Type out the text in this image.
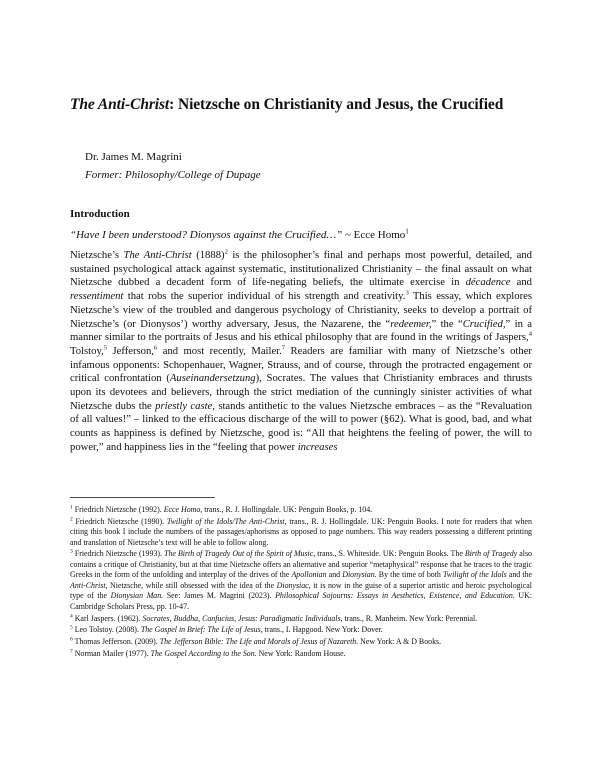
The Anti-Christ: Nietzsche on Christianity and Jesus, the Crucified
Dr. James M. Magrini
Former: Philosophy/College of Dupage
Introduction
“Have I been understood? Dionysos against the Crucified…” ~ Ecce Homo$^1$

Nietzsche’s The Anti-Christ $(1888)^2$ is the philosopher’s final and perhaps most powerful, detailed, and sustained psychological attack against systematic, institutionalized Christianity – the final assault on what Nietzsche dubbed a decadent form of life-negating beliefs, the ultimate exercise in décadence and ressentiment that robs the superior individual of his strength and creativity.$^3$ This essay, which explores Nietzsche’s view of the troubled and dangerous psychology of Christianity, seeks to develop a portrait of Nietzsche’s (or Dionysos’) worthy adversary, Jesus, the Nazarene, the “redeemer,” the “Crucified,” in a manner similar to the portraits of Jesus and his ethical philosophy that are found in the writings of Jaspers,$^4$ Tolstoy,$^5$ Jefferson,$^6$ and most recently, Mailer.$^7$ Readers are familiar with many of Nietzsche’s other infamous opponents: Schopenhauer, Wagner, Strauss, and of course, through the protracted engagement or critical confrontation (Auseinandersetzung), Socrates. The values that Christianity embraces and thrusts upon its devotees and believers, through the strict mediation of the cunningly sinister activities of what Nietzsche dubs the priestly caste, stands antithetic to the values Nietzsche embraces – as the “Revaluation of all values!” – linked to the efficacious discharge of the will to power (§62). What is good, bad, and what counts as happiness is defined by Nietzsche, good is: “All that heightens the feeling of power, the will to power,” and happiness lies in the “feeling that power increases

$^1$ Friedrich Nietzsche (1992). Ecce Homo, trans., R. J. Hollingdale. UK: Penguin Books, p. 104.
$^2$ Friedrich Nietzsche (1990). Twilight of the Idols/The Anti-Christ, trans., R. J. Hollingdale. UK: Penguin Books. I note for readers that when citing this book I include the numbers of the passages/aphorisms as opposed to page numbers. This way readers possessing a different printing and translation of Nietzsche’s text will be able to follow along.
$^3$ Friedrich Nietzsche (1993). The Birth of Tragedy Out of the Spirit of Music, trans., S. Whiteside. UK: Penguin Books. The Birth of Tragedy also contains a critique of Christianity, but at that time Nietzsche offers an alternative and superior “metaphysical” response that he traces to the tragic Greeks in the form of the unfolding and interplay of the drives of the Apollonian and Dionysian. By the time of both Twilight of the Idols and the Anti-Christ, Nietzsche, while still obsessed with the idea of the Dionysiac, it is now in the guise of a superior artistic and heroic psychological type of the Dionysian Man. See: James M. Magrini (2023). Philosophical Sojourns: Essays in Aesthetics, Existence, and Education. UK: Cambridge Scholars Press, pp. 10-47.
$^4$ Karl Jaspers. (1962). Socrates, Buddha, Confucius, Jesus: Paradigmatic Individuals, trans., R. Manheim. New York: Perennial.
$^5$ Leo Tolstoy. (2008). The Gospel in Brief: The Life of Jesus, trans., I. Hapgood. New York: Dover.
$^6$ Thomas Jefferson. (2009). The Jefferson Bible: The Life and Morals of Jesus of Nazareth. New York: A & D Books.
$^7$ Norman Mailer (1977). The Gospel According to the Son. New York: Random House.
